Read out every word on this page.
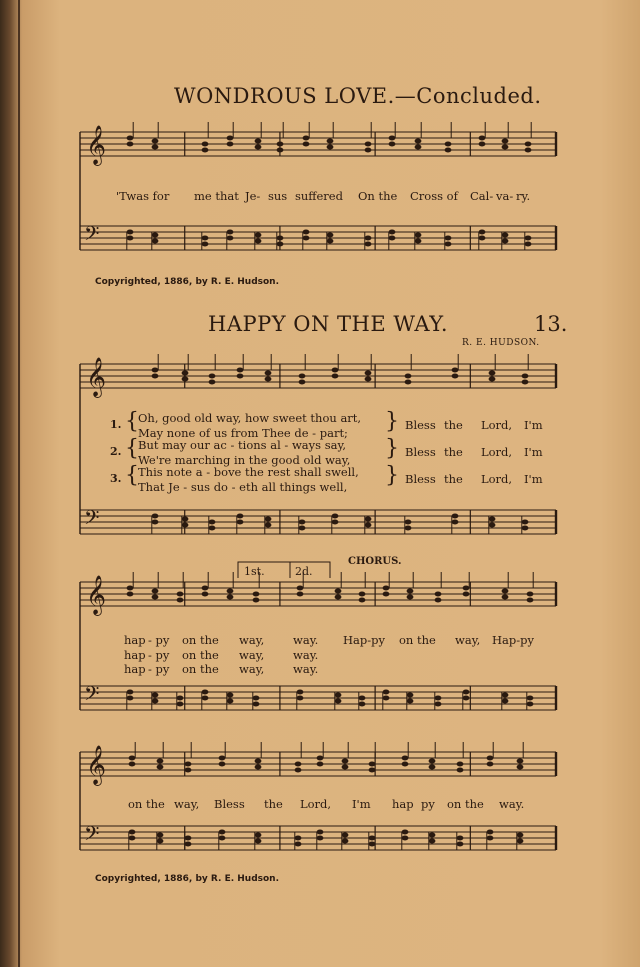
WONDROUS LOVE.—Concluded.
𝄞
𝄢
𝄞
𝄢
𝄞
𝄢
𝄞
𝄢
'Twas for me that Je- sus suffered On the Cross of Cal- va- ry.
Copyrighted, 1886, by R. E. Hudson.
HAPPY ON THE WAY.	13.
R. E. HUDSON.
1. { Oh, good old way, how sweet thou art,
May none of us from Thee de - part; }
2. { But may our ac - tions al - ways say,
We're marching in the good old way, }
3. { This note a - bove the rest shall swell,
That Je - sus do - eth all things well, }
Bless the Lord, I'm
Bless the Lord, I'm
Bless the Lord, I'm
1st.	2d.
CHORUS.
hap - py on the way, way. Hap-py on the way, Hap-py
hap - py on the way, way.
hap - py on the way, way.
on the way, Bless the Lord, I'm hap py on the way.
Copyrighted, 1886, by R. E. Hudson.
